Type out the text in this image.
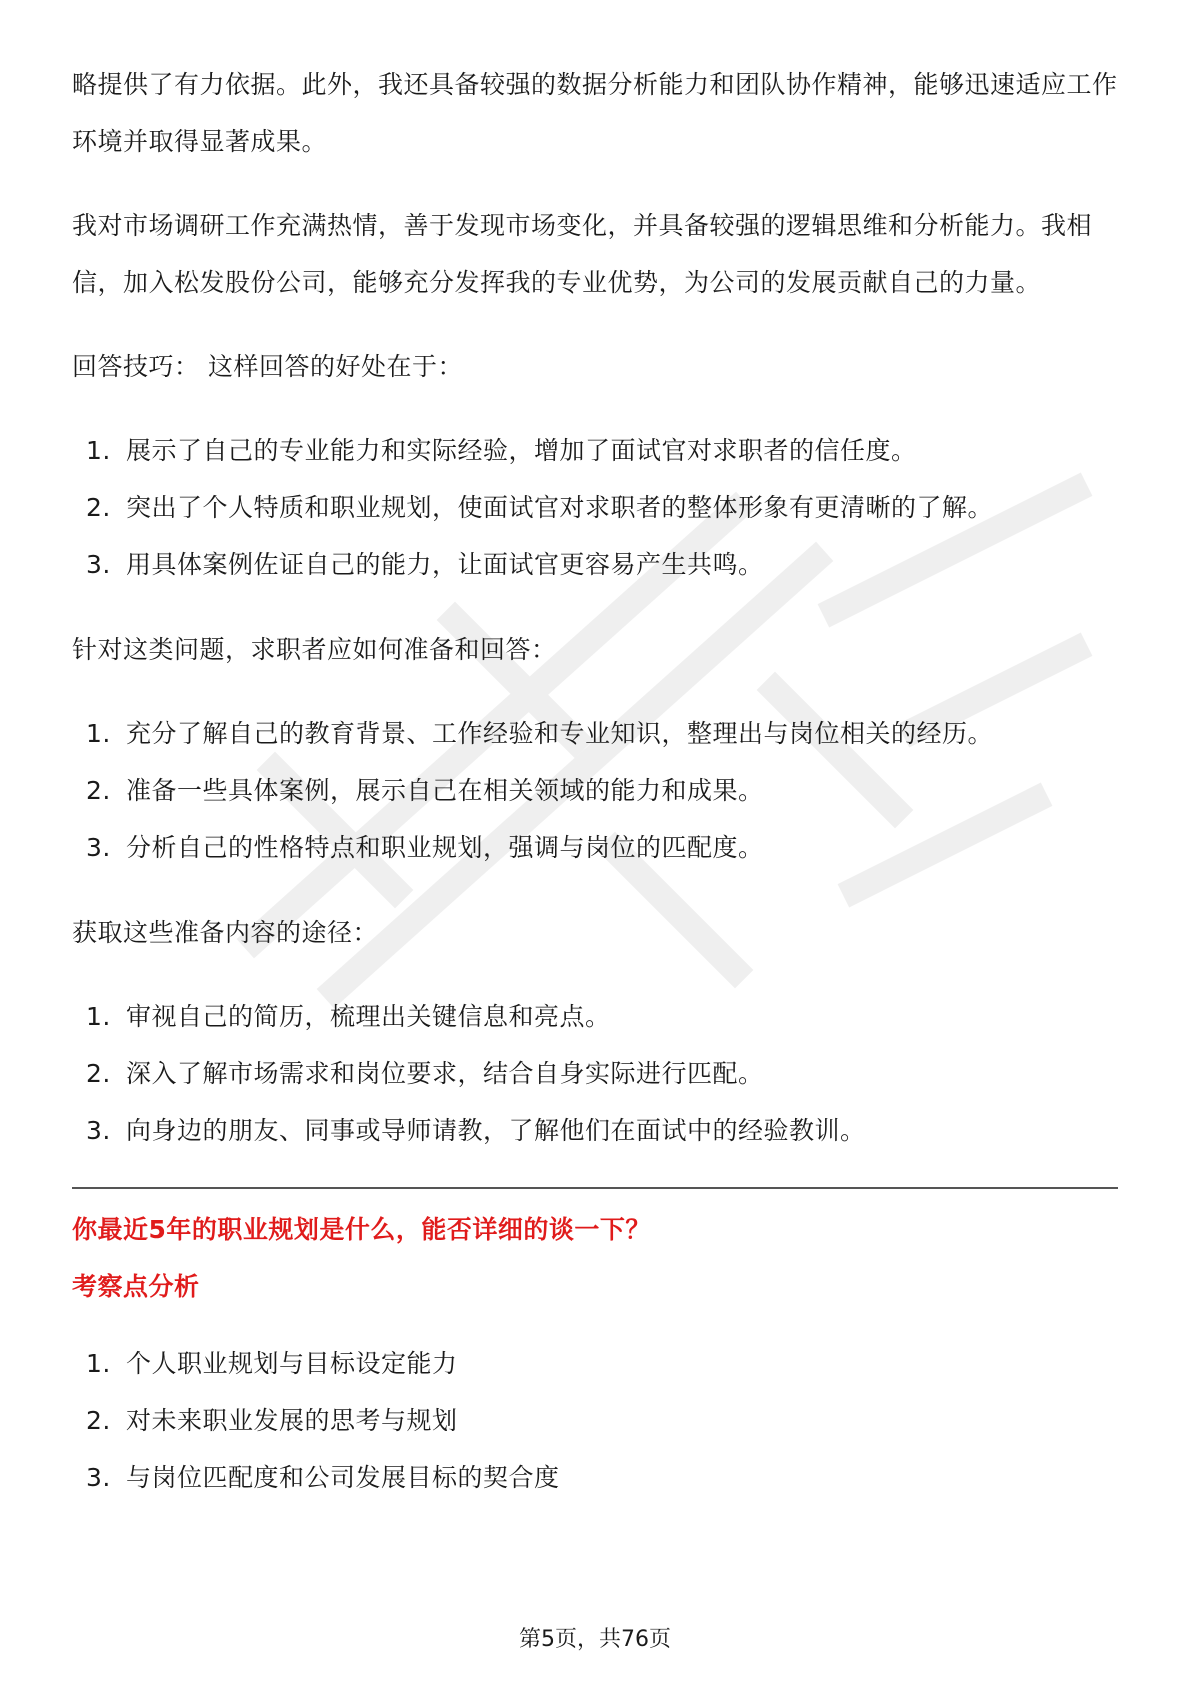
略提供了有力依据。此外，我还具备较强的数据分析能力和团队协作精神，能够迅速适应工作环境并取得显著成果。

我对市场调研工作充满热情，善于发现市场变化，并具备较强的逻辑思维和分析能力。我相信，加入松发股份公司，能够充分发挥我的专业优势，为公司的发展贡献自己的力量。

回答技巧： 这样回答的好处在于：

1. 展示了自己的专业能力和实际经验，增加了面试官对求职者的信任度。
2. 突出了个人特质和职业规划，使面试官对求职者的整体形象有更清晰的了解。
3. 用具体案例佐证自己的能力，让面试官更容易产生共鸣。

针对这类问题，求职者应如何准备和回答：

1. 充分了解自己的教育背景、工作经验和专业知识，整理出与岗位相关的经历。
2. 准备一些具体案例，展示自己在相关领域的能力和成果。
3. 分析自己的性格特点和职业规划，强调与岗位的匹配度。

获取这些准备内容的途径：

1. 审视自己的简历，梳理出关键信息和亮点。
2. 深入了解市场需求和岗位要求，结合自身实际进行匹配。
3. 向身边的朋友、同事或导师请教，了解他们在面试中的经验教训。

你最近5年的职业规划是什么，能否详细的谈一下？

考察点分析

1. 个人职业规划与目标设定能力
2. 对未来职业发展的思考与规划
3. 与岗位匹配度和公司发展目标的契合度
第5页，共76页
